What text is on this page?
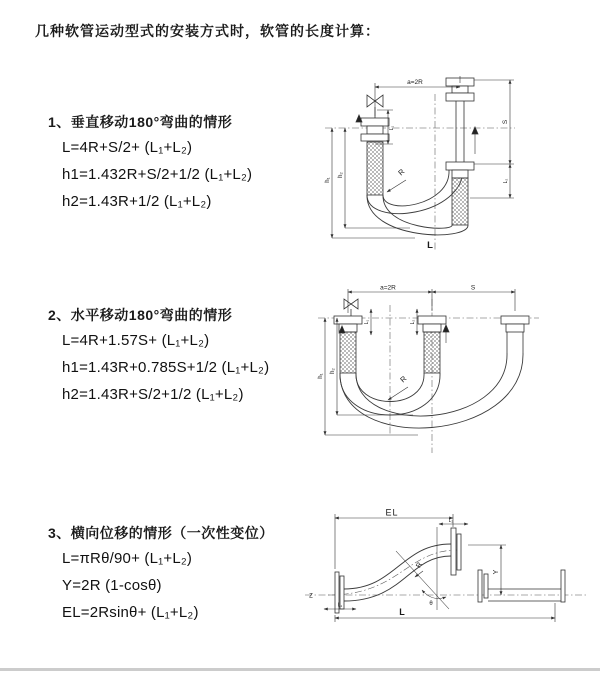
几种软管运动型式的安装方式时，软管的长度计算：
1、垂直移动180°弯曲的情形
L=4R+S/2+ (L₁+L₂)
h1=1.432R+S/2+1/2 (L₁+L₂)
h2=1.43R+1/2 (L₁+L₂)
2、水平移动180°弯曲的情形
L=4R+1.57S+ (L₁+L₂)
h1=1.43R+0.785S+1/2 (L₁+L₂)
h2=1.43R+S/2+1/2 (L₁+L₂)
3、横向位移的情形（一次性变位）
L=πRθ/90+ (L₁+L₂)
Y=2R (1-cosθ)
EL=2Rsinθ+ (L₁+L₂)
a=2R
h₁
h₂
L₁
S
L₂
R
L
a=2R	S
h₁
h₂
L₁	L₂
R
EL
L₂
Y
L
L₁
R
θ
Z
